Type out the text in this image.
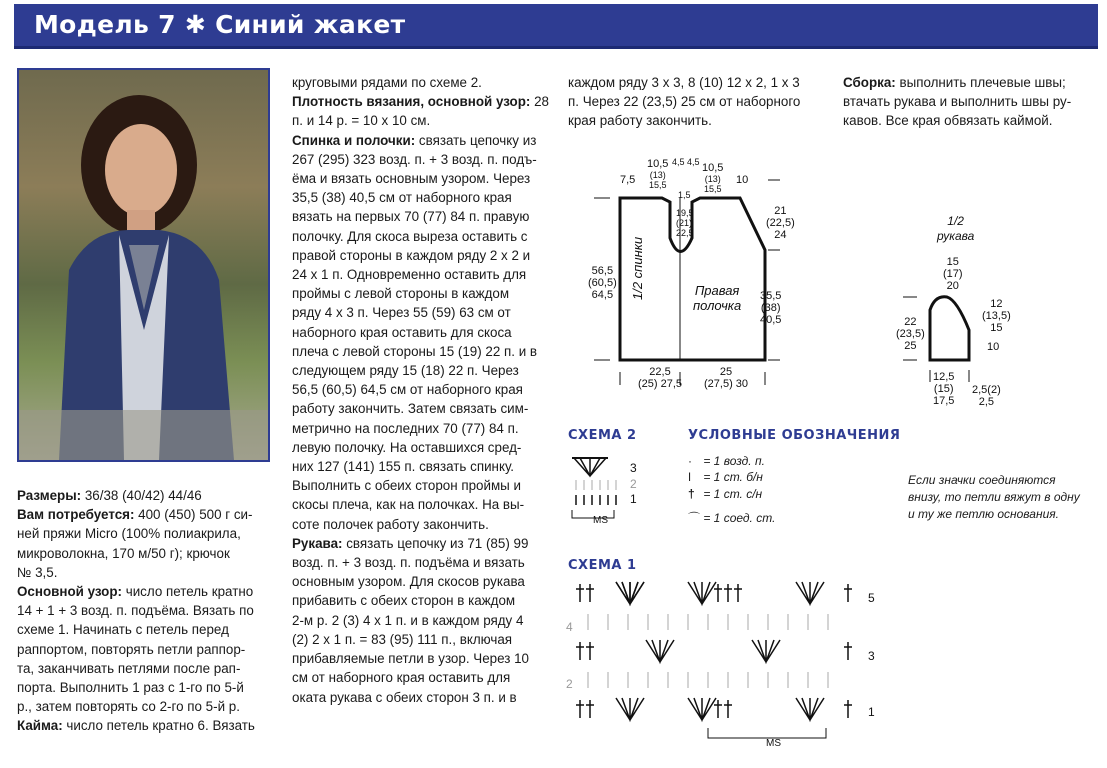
Модель 7 ✱ Синий жакет
Размеры: 36/38 (40/42) 44/46
Вам потребуется: 400 (450) 500 г си-
ней пряжи Micro (100% полиакрила,
микроволокна, 170 м/50 г); крючок
№ 3,5.
Основной узор: число петель кратно
14 + 1 + 3 возд. п. подъёма. Вязать по
схеме 1. Начинать с петель перед
раппортом, повторять петли раппор-
та, заканчивать петлями после рап-
порта. Выполнить 1 раз с 1-го по 5-й
р., затем повторять со 2-го по 5-й р.
Кайма: число петель кратно 6. Вязать
круговыми рядами по схеме 2.
Плотность вязания, основной узор: 28
п. и 14 р. = 10 х 10 см.
Спинка и полочки: связать цепочку из
267 (295) 323 возд. п. + 3 возд. п. подъ-
ёма и вязать основным узором. Через
35,5 (38) 40,5 см от наборного края
вязать на первых 70 (77) 84 п. правую
полочку. Для скоса выреза оставить с
правой стороны в каждом ряду 2 х 2 и
24 х 1 п. Одновременно оставить для
проймы с левой стороны в каждом
ряду 4 х 3 п. Через 55 (59) 63 см от
наборного края оставить для скоса
плеча с левой стороны 15 (19) 22 п. и в
следующем ряду 15 (18) 22 п. Через
56,5 (60,5) 64,5 см от наборного края
работу закончить. Затем связать сим-
метрично на последних 70 (77) 84 п.
левую полочку. На оставшихся сред-
них 127 (141) 155 п. связать спинку.
Выполнить с обеих сторон проймы и
скосы плеча, как на полочках. На вы-
соте полочек работу закончить.
Рукава: связать цепочку из 71 (85) 99
возд. п. + 3 возд. п. подъёма и вязать
основным узором. Для скосов рукава
прибавить с обеих сторон в каждом
2-м р. 2 (3) 4 х 1 п. и в каждом ряду 4
(2) 2 х 1 п. = 83 (95) 111 п., включая
прибавляемые петли в узор. Через 10
см от наборного края оставить для
оката рукава с обеих сторон 3 п. и в
каждом ряду 3 х 3, 8 (10) 12 х 2, 1 х 3
п. Через 22 (23,5) 25 см от наборного
края работу закончить.
Сборка: выполнить плечевые швы;
втачать рукава и выполнить швы ру-
кавов. Все края обвязать каймой.
7,5
10,5
(13)
15,5
4,5 4,5 10,5
(13)
15,5
10
1,5
19,5
(21)
22,5
21
(22,5)
24
56,5
(60,5)
64,5 1/2 спинки	Правая
полочка
35,5
(38)
40,5
22,5
(25) 27,5
25
(27,5) 30
1/2
рукава
15
(17)
20
22
(23,5)
25
12
(13,5)
15
10
12,5
(15)
17,5
2,5(2)
2,5
СХЕМА 2
3
2
1
MS
УСЛОВНЫЕ ОБОЗНАЧЕНИЯ
· = 1 возд. п.
ǀ = 1 ст. б/н
† = 1 ст. с/н
⌒ = 1 соед. ст.
Если значки соединяются
внизу, то петли вяжут в одну
и ту же петлю основания.
СХЕМА 1
5
3
1
4
2
MS
